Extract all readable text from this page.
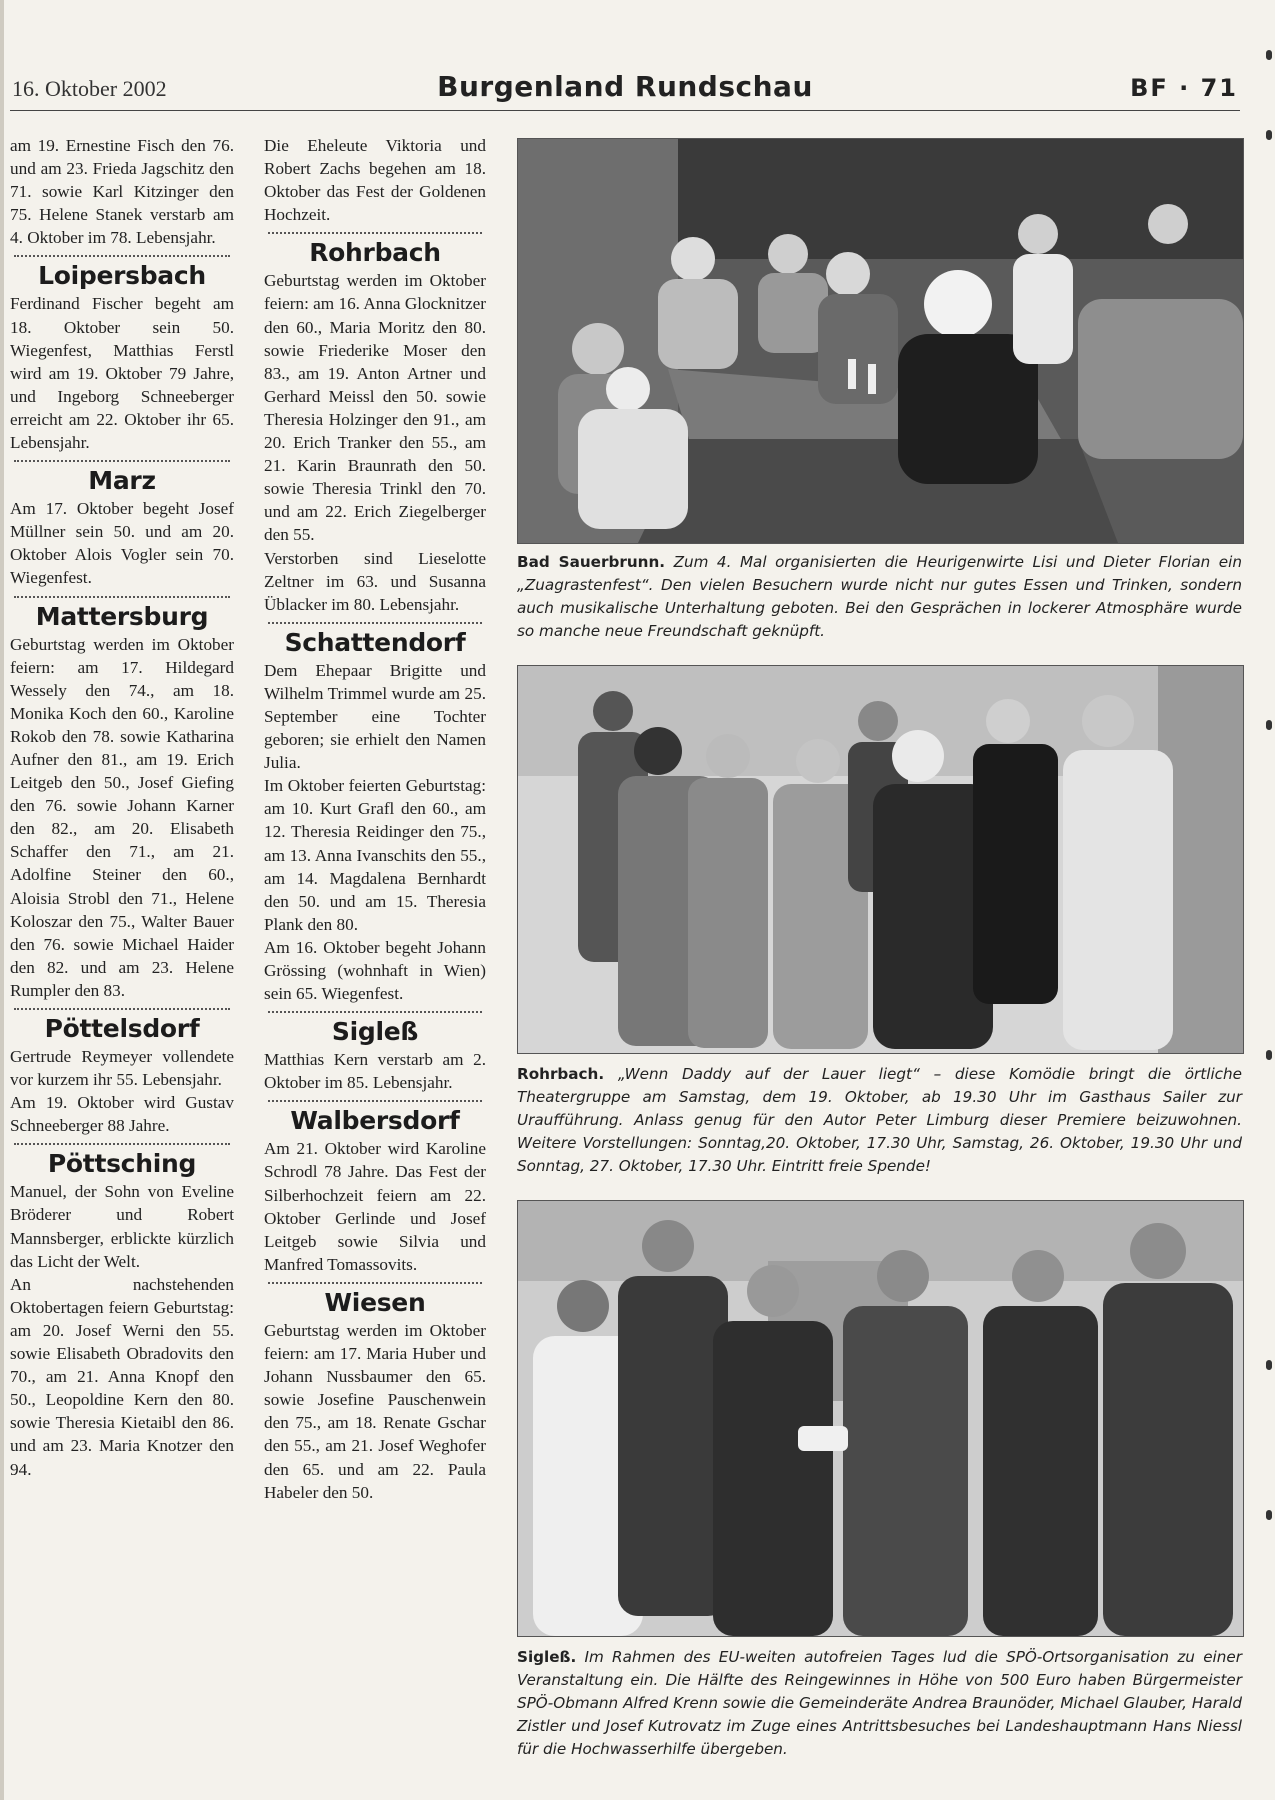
16. Oktober 2002	Burgenland Rundschau	BF · 71

am 19. Ernestine Fisch den 76. und am 23. Frieda Jagschitz den 71. sowie Karl Kitzinger den 75. Helene Stanek verstarb am 4. Oktober im 78. Lebensjahr.

Loipersbach

Ferdinand Fischer begeht am 18. Oktober sein 50. Wiegenfest, Matthias Ferstl wird am 19. Oktober 79 Jahre, und Ingeborg Schneeberger erreicht am 22. Oktober ihr 65. Lebensjahr.

Marz

Am 17. Oktober begeht Josef Müllner sein 50. und am 20. Oktober Alois Vogler sein 70. Wiegenfest.

Mattersburg

Geburtstag werden im Oktober feiern: am 17. Hildegard Wessely den 74., am 18. Monika Koch den 60., Karoline Rokob den 78. sowie Katharina Aufner den 81., am 19. Erich Leitgeb den 50., Josef Giefing den 76. sowie Johann Karner den 82., am 20. Elisabeth Schaffer den 71., am 21. Adolfine Steiner den 60., Aloisia Strobl den 71., Helene Koloszar den 75., Walter Bauer den 76. sowie Michael Haider den 82. und am 23. Helene Rumpler den 83.

Pöttelsdorf

Gertrude Reymeyer vollendete vor kurzem ihr 55. Lebensjahr.

Am 19. Oktober wird Gustav Schneeberger 88 Jahre.

Pöttsching

Manuel, der Sohn von Eveline Bröderer und Robert Mannsberger, erblickte kürzlich das Licht der Welt.

An nachstehenden Oktobertagen feiern Geburtstag: am 20. Josef Werni den 55. sowie Elisabeth Obradovits den 70., am 21. Anna Knopf den 50., Leopoldine Kern den 80. sowie Theresia Kietaibl den 86. und am 23. Maria Knotzer den 94.

Die Eheleute Viktoria und Robert Zachs begehen am 18. Oktober das Fest der Goldenen Hochzeit.

Rohrbach

Geburtstag werden im Oktober feiern: am 16. Anna Glocknitzer den 60., Maria Moritz den 80. sowie Friederike Moser den 83., am 19. Anton Artner und Gerhard Meissl den 50. sowie Theresia Holzinger den 91., am 20. Erich Tranker den 55., am 21. Karin Braunrath den 50. sowie Theresia Trinkl den 70. und am 22. Erich Ziegelberger den 55.

Verstorben sind Lieselotte Zeltner im 63. und Susanna Üblacker im 80. Lebensjahr.

Schattendorf

Dem Ehepaar Brigitte und Wilhelm Trimmel wurde am 25. September eine Tochter geboren; sie erhielt den Namen Julia.

Im Oktober feierten Geburtstag: am 10. Kurt Grafl den 60., am 12. Theresia Reidinger den 75., am 13. Anna Ivanschits den 55., am 14. Magdalena Bernhardt den 50. und am 15. Theresia Plank den 80.

Am 16. Oktober begeht Johann Grössing (wohnhaft in Wien) sein 65. Wiegenfest.

Sigleß

Matthias Kern verstarb am 2. Oktober im 85. Lebensjahr.

Walbersdorf

Am 21. Oktober wird Karoline Schrodl 78 Jahre. Das Fest der Silberhochzeit feiern am 22. Oktober Gerlinde und Josef Leitgeb sowie Silvia und Manfred Tomassovits.

Wiesen

Geburtstag werden im Oktober feiern: am 17. Maria Huber und Johann Nussbaumer den 65. sowie Josefine Pauschenwein den 75., am 18. Renate Gschar den 55., am 21. Josef Weghofer den 65. und am 22. Paula Habeler den 50.

Bad Sauerbrunn. Zum 4. Mal organisierten die Heurigenwirte Lisi und Dieter Florian ein „Zuagrastenfest“. Den vielen Besuchern wurde nicht nur gutes Essen und Trinken, sondern auch musikalische Unterhaltung geboten. Bei den Gesprächen in lockerer Atmosphäre wurde so manche neue Freundschaft geknüpft.
Rohrbach. „Wenn Daddy auf der Lauer liegt“ – diese Komödie bringt die örtliche Theatergruppe am Samstag, dem 19. Oktober, ab 19.30 Uhr im Gasthaus Sailer zur Uraufführung. Anlass genug für den Autor Peter Limburg dieser Premiere beizuwohnen. Weitere Vorstellungen: Sonntag,20. Oktober, 17.30 Uhr, Samstag, 26. Oktober, 19.30 Uhr und Sonntag, 27. Oktober, 17.30 Uhr. Eintritt freie Spende!
Sigleß. Im Rahmen des EU-weiten autofreien Tages lud die SPÖ-Ortsorganisation zu einer Veranstaltung ein. Die Hälfte des Reingewinnes in Höhe von 500 Euro haben Bürgermeister SPÖ-Obmann Alfred Krenn sowie die Gemeinderäte Andrea Braunöder, Michael Glauber, Harald Zistler und Josef Kutrovatz im Zuge eines Antrittsbesuches bei Landeshauptmann Hans Niessl für die Hochwasserhilfe übergeben.
